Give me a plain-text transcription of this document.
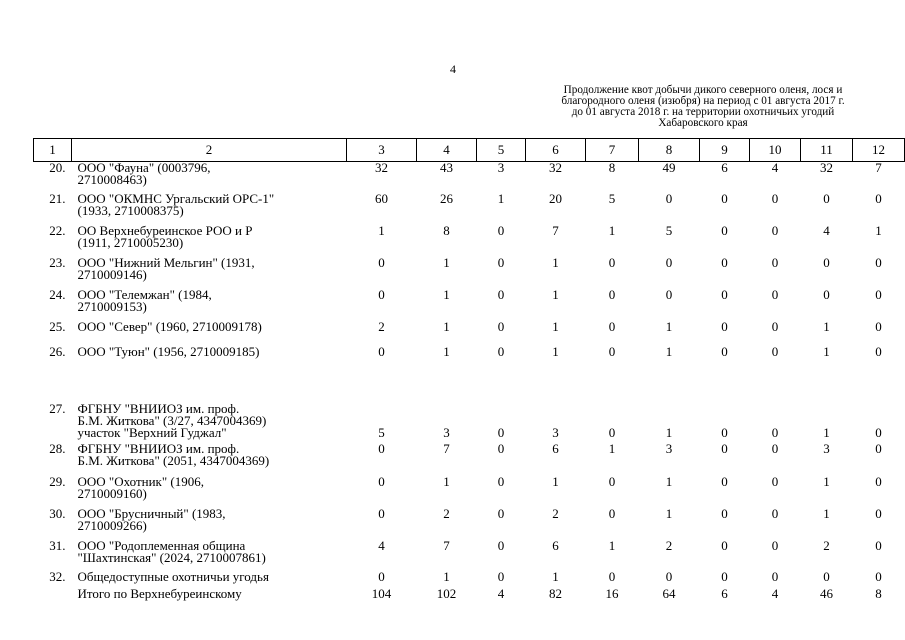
4
Продолжение квот добычи дикого северного оленя, лося и
благородного оленя (изюбря) на период с 01 августа 2017 г.
до 01 августа 2018 г. на территории охотничьих угодий
Хабаровского края
1	2	3	4	5	6	7	8	9	10	11	12
20.	ООО "Фауна" (0003796,
2710008463)	32	43	3	32	8	49	6	4	32	7
21.	ООО "ОКМНС Ургальский ОРС-1"
(1933, 2710008375)	60	26	1	20	5	0	0	0	0	0
22.	ОО Верхнебуреинское РОО и Р
(1911, 2710005230)	1	8	0	7	1	5	0	0	4	1
23.	ООО "Нижний Мельгин" (1931,
2710009146)	0	1	0	1	0	0	0	0	0	0
24.	ООО "Телемжан" (1984,
2710009153)	0	1	0	1	0	0	0	0	0	0
25.	ООО "Север" (1960, 2710009178)	2	1	0	1	0	1	0	0	1	0
26.	ООО "Туюн" (1956, 2710009185)	0	1	0	1	0	1	0	0	1	0

27.	ФГБНУ "ВНИИОЗ им. проф.
Б.М. Житкова" (3/27, 4347004369)										

	участок "Верхний Гуджал"	5	3	0	3	0	1	0	0	1	0
28.	ФГБНУ "ВНИИОЗ им. проф.
Б.М. Житкова" (2051, 4347004369)	0	7	0	6	1	3	0	0	3	0
29.	ООО "Охотник" (1906,
2710009160)	0	1	0	1	0	1	0	0	1	0
30.	ООО "Брусничный" (1983,
2710009266)	0	2	0	2	0	1	0	0	1	0
31.	ООО "Родоплеменная община
"Шахтинская" (2024, 2710007861)	4	7	0	6	1	2	0	0	2	0
32.	Общедоступные охотничьи угодья	0	1	0	1	0	0	0	0	0	0

	Итого по Верхнебуреинскому	104	102	4	82	16	64	6	4	46	8
